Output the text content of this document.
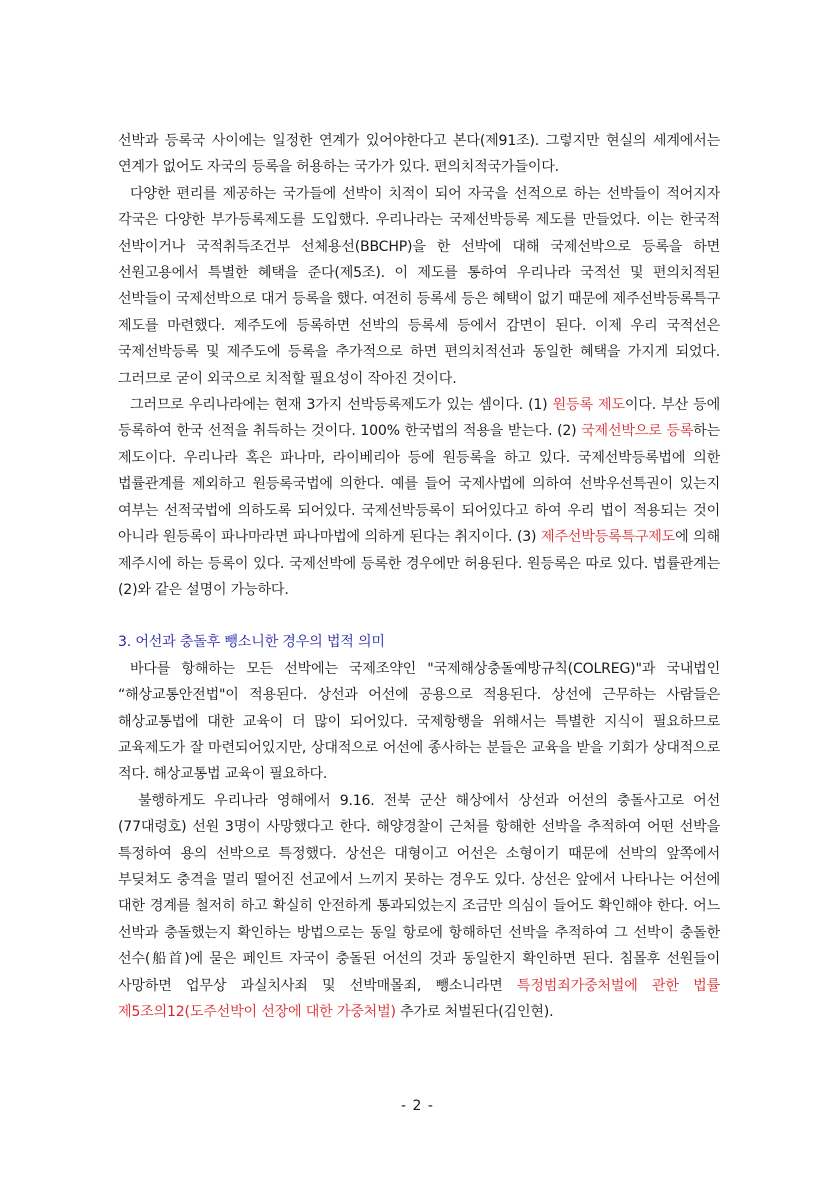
선박과 등록국 사이에는 일정한 연계가 있어야한다고 본다(제91조). 그렇지만 현실의 세계에서는 연계가 없어도 자국의 등록을 허용하는 국가가 있다. 편의치적국가들이다.

다양한 편리를 제공하는 국가들에 선박이 치적이 되어 자국을 선적으로 하는 선박들이 적어지자 각국은 다양한 부가등록제도를 도입했다. 우리나라는 국제선박등록 제도를 만들었다. 이는 한국적 선박이거나 국적취득조건부 선체용선(BBCHP)을 한 선박에 대해 국제선박으로 등록을 하면 선원고용에서 특별한 혜택을 준다(제5조). 이 제도를 통하여 우리나라 국적선 및 편의치적된 선박들이 국제선박으로 대거 등록을 했다. 여전히 등록세 등은 혜택이 없기 때문에 제주선박등록특구 제도를 마련했다. 제주도에 등록하면 선박의 등록세 등에서 감면이 된다. 이제 우리 국적선은 국제선박등록 및 제주도에 등록을 추가적으로 하면 편의치적선과 동일한 혜택을 가지게 되었다. 그러므로 굳이 외국으로 치적할 필요성이 작아진 것이다.

그러므로 우리나라에는 현재 3가지 선박등록제도가 있는 셈이다. (1) 원등록 제도이다. 부산 등에 등록하여 한국 선적을 취득하는 것이다. 100% 한국법의 적용을 받는다. (2) 국제선박으로 등록하는 제도이다. 우리나라 혹은 파나마, 라이베리아 등에 원등록을 하고 있다. 국제선박등록법에 의한 법률관계를 제외하고 원등록국법에 의한다. 예를 들어 국제사법에 의하여 선박우선특권이 있는지 여부는 선적국법에 의하도록 되어있다. 국제선박등록이 되어있다고 하여 우리 법이 적용되는 것이 아니라 원등록이 파나마라면 파나마법에 의하게 된다는 취지이다. (3) 제주선박등록특구제도에 의해 제주시에 하는 등록이 있다. 국제선박에 등록한 경우에만 허용된다. 원등록은 따로 있다. 법률관계는 (2)와 같은 설명이 가능하다.

3. 어선과 충돌후 뺑소니한 경우의 법적 의미

바다를 항해하는 모든 선박에는 국제조약인 "국제해상충돌예방규칙(COLREG)"과 국내법인 “해상교통안전법"이 적용된다. 상선과 어선에 공용으로 적용된다. 상선에 근무하는 사람들은 해상교통법에 대한 교육이 더 많이 되어있다. 국제항행을 위해서는 특별한 지식이 필요하므로 교육제도가 잘 마련되어있지만, 상대적으로 어선에 종사하는 분들은 교육을 받을 기회가 상대적으로 적다. 해상교통법 교육이 필요하다.

불행하게도 우리나라 영해에서 9.16. 전북 군산 해상에서 상선과 어선의 충돌사고로 어선(77대령호) 선원 3명이 사망했다고 한다. 해양경찰이 근처를 항해한 선박을 추적하여 어떤 선박을 특정하여 용의 선박으로 특정했다. 상선은 대형이고 어선은 소형이기 때문에 선박의 앞쪽에서 부딪쳐도 충격을 멀리 떨어진 선교에서 느끼지 못하는 경우도 있다. 상선은 앞에서 나타나는 어선에 대한 경계를 철저히 하고 확실히 안전하게 통과되었는지 조금만 의심이 들어도 확인해야 한다. 어느 선박과 충돌했는지 확인하는 방법으로는 동일 항로에 항해하던 선박을 추적하여 그 선박이 충돌한 선수(船首)에 묻은 페인트 자국이 충돌된 어선의 것과 동일한지 확인하면 된다. 침몰후 선원들이 사망하면 업무상 과실치사죄 및 선박매몰죄, 뺑소니라면 특정범죄가중처벌에 관한 법률 제5조의12(도주선박이 선장에 대한 가중처벌) 추가로 처벌된다(김인현).

- 2 -
